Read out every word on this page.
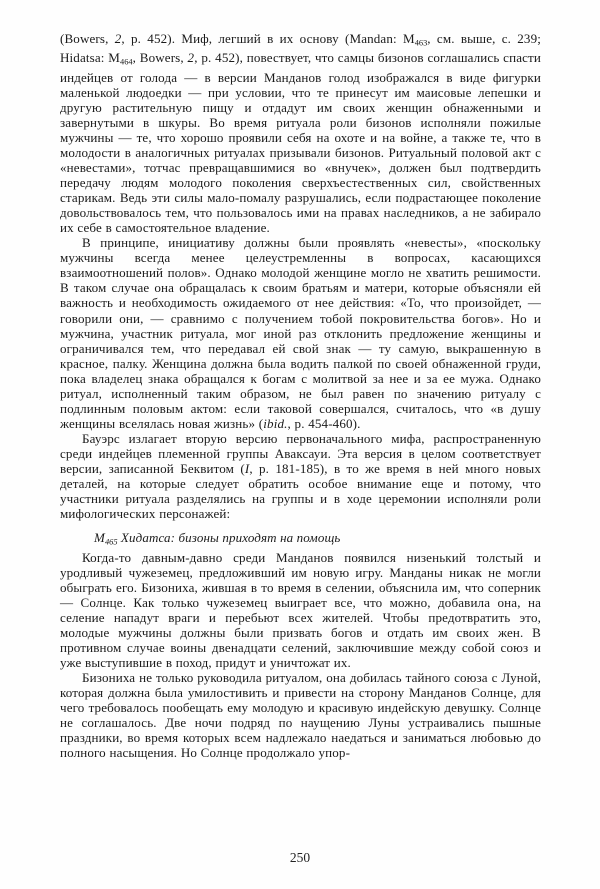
(Bowers, 2, p. 452). Миф, легший в их основу (Mandan: $M_{463}$, см. выше, с. 239; Hidatsa: $M_{464}$, Bowers, 2, p. 452), повествует, что самцы бизонов соглашались спасти индейцев от голода — в версии Манданов голод изображался в виде фигурки маленькой людоедки — при условии, что те принесут им маисовые лепешки и другую растительную пищу и отдадут им своих женщин обнаженными и завернутыми в шкуры. Во время ритуала роли бизонов исполняли пожилые мужчины — те, что хорошо проявили себя на охоте и на войне, а также те, что в молодости в аналогичных ритуалах призывали бизонов. Ритуальный половой акт с «невестами», тотчас превращавшимися во «внучек», должен был подтвердить передачу людям молодого поколения сверхъестественных сил, свойственных старикам. Ведь эти силы мало-помалу разрушались, если подрастающее поколение довольствовалось тем, что пользовалось ими на правах наследников, а не забирало их себе в самостоятельное владение.

В принципе, инициативу должны были проявлять «невесты», «поскольку мужчины всегда менее целеустремленны в вопросах, касающихся взаимоотношений полов». Однако молодой женщине могло не хватить решимости. В таком случае она обращалась к своим братьям и матери, которые объясняли ей важность и необходимость ожидаемого от нее действия: «То, что произойдет, — говорили они, — сравнимо с получением тобой покровительства богов». Но и мужчина, участник ритуала, мог иной раз отклонить предложение женщины и ограничивался тем, что передавал ей свой знак — ту самую, выкрашенную в красное, палку. Женщина должна была водить палкой по своей обнаженной груди, пока владелец знака обращался к богам с молитвой за нее и за ее мужа. Однако ритуал, исполненный таким образом, не был равен по значению ритуалу с подлинным половым актом: если таковой совершался, считалось, что «в душу женщины вселялась новая жизнь» (ibid., p. 454-460).

Бауэрс излагает вторую версию первоначального мифа, распространенную среди индейцев племенной группы Аваксауи. Эта версия в целом соответствует версии, записанной Беквитом (I, p. 181-185), в то же время в ней много новых деталей, на которые следует обратить особое внимание еще и потому, что участники ритуала разделялись на группы и в ходе церемонии исполняли роли мифологических персонажей:

$M_{465}$ Хидатса: бизоны приходят на помощь

Когда-то давным-давно среди Манданов появился низенький толстый и уродливый чужеземец, предложивший им новую игру. Манданы никак не могли обыграть его. Бизониха, жившая в то время в селении, объяснила им, что соперник — Солнце. Как только чужеземец выиграет все, что можно, добавила она, на селение нападут враги и перебьют всех жителей. Чтобы предотвратить это, молодые мужчины должны были призвать богов и отдать им своих жен. В противном случае воины двенадцати селений, заключившие между собой союз и уже выступившие в поход, придут и уничтожат их.

Бизониха не только руководила ритуалом, она добилась тайного союза с Луной, которая должна была умилостивить и привести на сторону Манданов Солнце, для чего требовалось пообещать ему молодую и красивую индейскую девушку. Солнце не соглашалось. Две ночи подряд по наущению Луны устраивались пышные праздники, во время которых всем надлежало наедаться и заниматься любовью до полного насыщения. Но Солнце продолжало упор-

250
